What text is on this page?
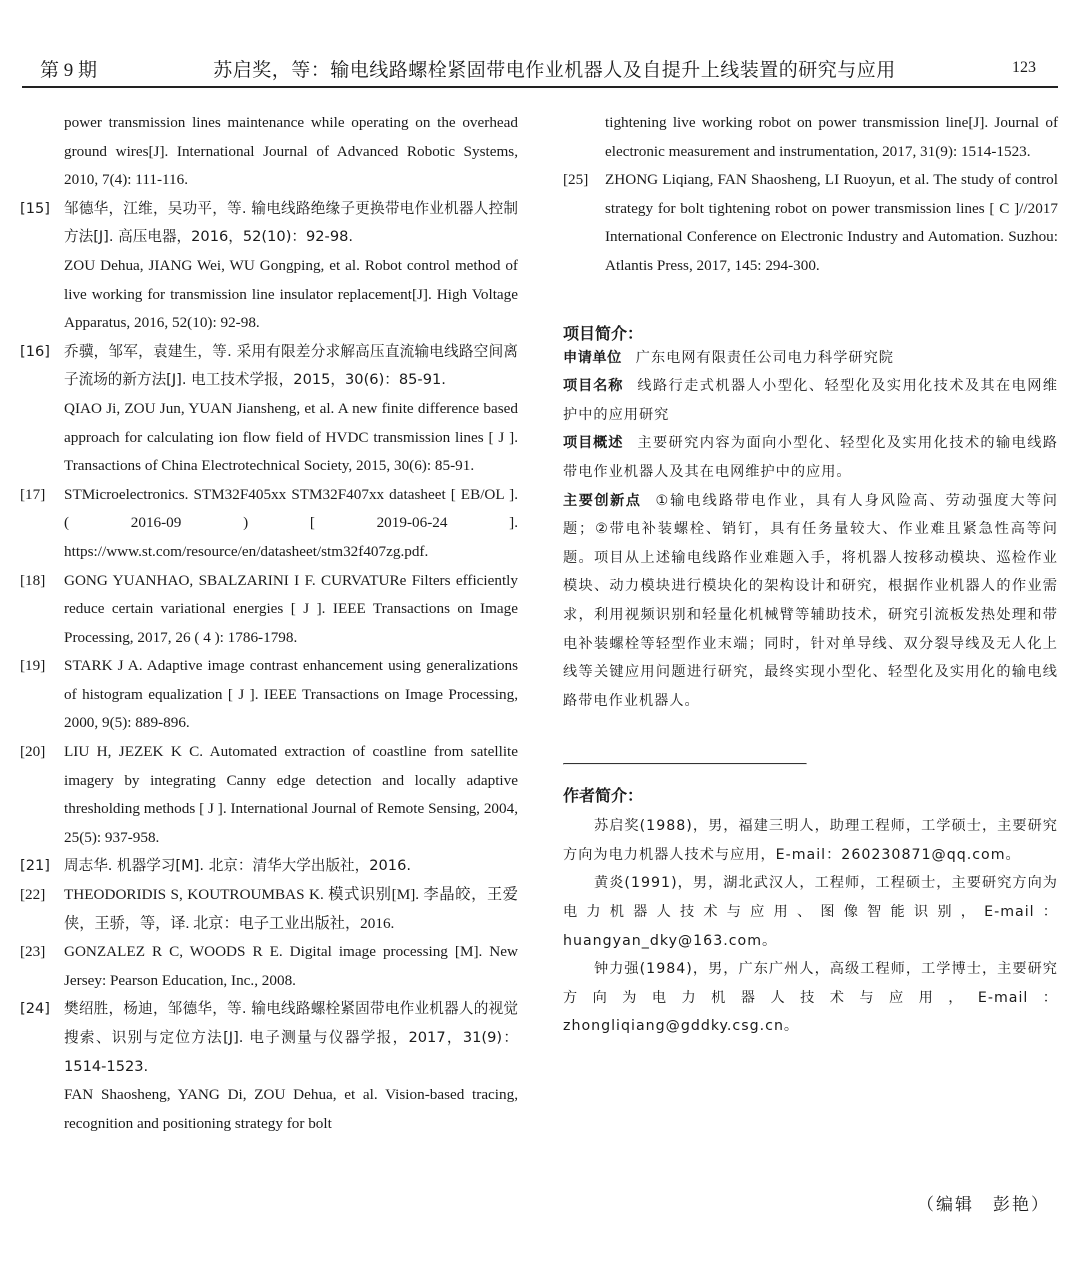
第 9 期	苏启奖，等：输电线路螺栓紧固带电作业机器人及自提升上线装置的研究与应用	123
power transmission lines maintenance while operating on the overhead ground wires[J]. International Journal of Advanced Robotic Systems, 2010, 7(4): 111-116.
[15] 邹德华，江维，吴功平，等. 输电线路绝缘子更换带电作业机器人控制方法[J]. 高压电器，2016，52(10)：92-98.
ZOU Dehua, JIANG Wei, WU Gongping, et al. Robot control method of live working for transmission line insulator replacement[J]. High Voltage Apparatus, 2016, 52(10): 92-98.
[16] 乔骥，邹军，袁建生，等. 采用有限差分求解高压直流输电线路空间离子流场的新方法[J]. 电工技术学报，2015，30(6)：85-91.
QIAO Ji, ZOU Jun, YUAN Jiansheng, et al. A new finite difference based approach for calculating ion flow field of HVDC transmission lines [ J ]. Transactions of China Electrotechnical Society, 2015, 30(6): 85-91.
[17]	STMicroelectronics. STM32F405xx STM32F407xx datasheet [ EB/OL ]. ( 2016-09 ) [ 2019-06-24 ]. https://www.st.com/resource/en/datasheet/stm32f407zg.pdf.
[18]	GONG YUANHAO, SBALZARINI I F. CURVATURe Filters efficiently reduce certain variational energies [ J ]. IEEE Transactions on Image Processing, 2017, 26 ( 4 ): 1786-1798.
[19]	STARK J A. Adaptive image contrast enhancement using generalizations of histogram equalization [ J ]. IEEE Transactions on Image Processing, 2000, 9(5): 889-896.
[20]	LIU H, JEZEK K C. Automated extraction of coastline from satellite imagery by integrating Canny edge detection and locally adaptive thresholding methods [ J ]. International Journal of Remote Sensing, 2004, 25(5): 937-958.
[21] 周志华. 机器学习[M]. 北京：清华大学出版社，2016.
[22]	THEODORIDIS S, KOUTROUMBAS K. 模式识别[M]. 李晶皎，王爱侠，王骄，等，译. 北京：电子工业出版社，2016.
[23]	GONZALEZ R C, WOODS R E. Digital image processing [M]. New Jersey: Pearson Education, Inc., 2008.
[24] 樊绍胜，杨迪，邹德华，等. 输电线路螺栓紧固带电作业机器人的视觉搜索、识别与定位方法[J]. 电子测量与仪器学报，2017，31(9)：1514-1523.
FAN Shaosheng, YANG Di, ZOU Dehua, et al. Vision-based tracing, recognition and positioning strategy for bolt
tightening live working robot on power transmission line[J]. Journal of electronic measurement and instrumentation, 2017, 31(9): 1514-1523.
[25]	ZHONG Liqiang, FAN Shaosheng, LI Ruoyun, et al. The study of control strategy for bolt tightening robot on power transmission lines [ C ]//2017 International Conference on Electronic Industry and Automation. Suzhou: Atlantis Press, 2017, 145: 294-300.
项目简介：
申请单位 广东电网有限责任公司电力科学研究院
项目名称 线路行走式机器人小型化、轻型化及实用化技术及其在电网维护中的应用研究
项目概述 主要研究内容为面向小型化、轻型化及实用化技术的输电线路带电作业机器人及其在电网维护中的应用。
主要创新点 ①输电线路带电作业，具有人身风险高、劳动强度大等问题；②带电补装螺栓、销钉，具有任务量较大、作业难且紧急性高等问题。项目从上述输电线路作业难题入手，将机器人按移动模块、巡检作业模块、动力模块进行模块化的架构设计和研究，根据作业机器人的作业需求，利用视频识别和轻量化机械臂等辅助技术，研究引流板发热处理和带电补装螺栓等轻型作业末端；同时，针对单导线、双分裂导线及无人化上线等关键应用问题进行研究，最终实现小型化、轻型化及实用化的输电线路带电作业机器人。
作者简介：

苏启奖(1988)，男，福建三明人，助理工程师，工学硕士，主要研究方向为电力机器人技术与应用，E-mail：260230871@qq.com。

黄炎(1991)，男，湖北武汉人，工程师，工程硕士，主要研究方向为电力机器人技术与应用、图像智能识别，E-mail：huangyan_dky@163.com。

钟力强(1984)，男，广东广州人，高级工程师，工学博士，主要研究方向为电力机器人技术与应用，E-mail：zhongliqiang@gddky.csg.cn。

（编辑　彭艳）
